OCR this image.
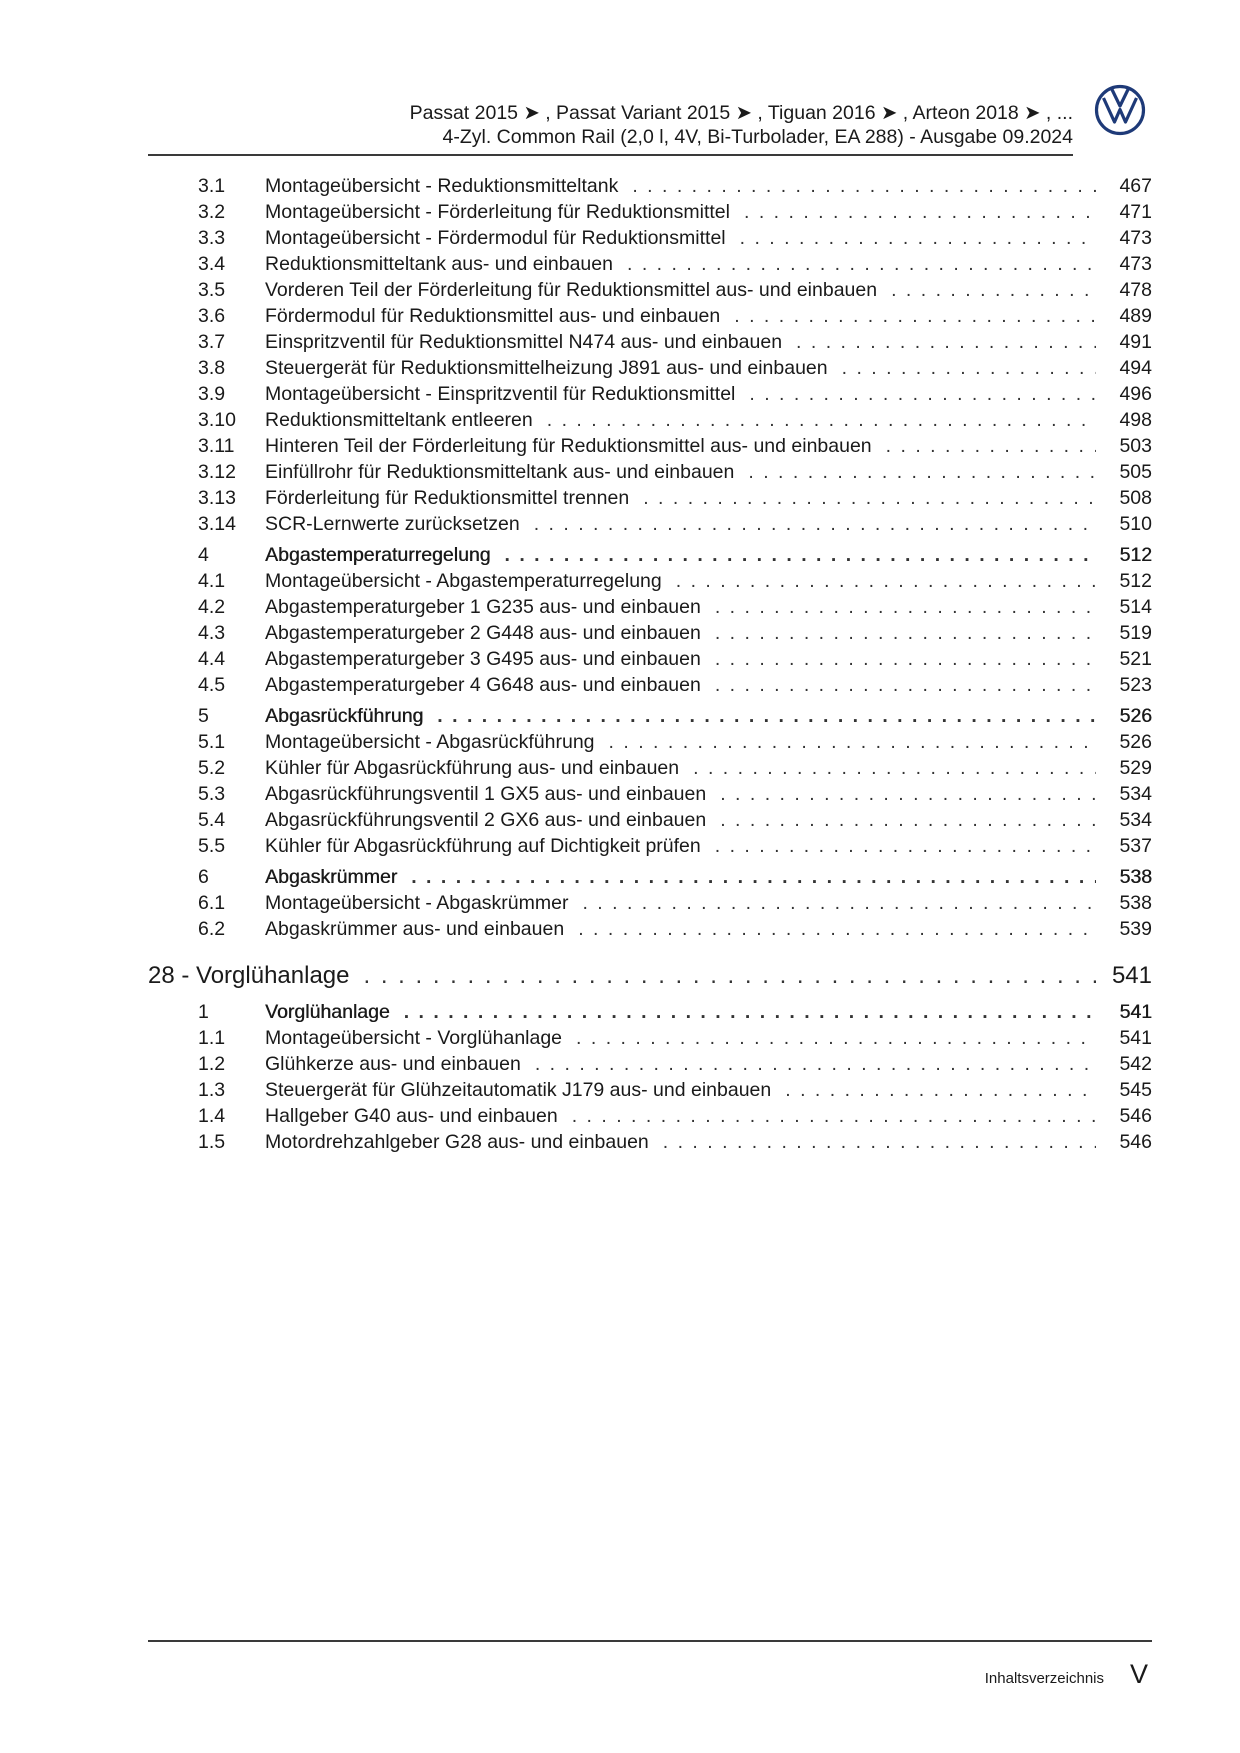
Passat 2015 ➤ , Passat Variant 2015 ➤ , Tiguan 2016 ➤ , Arteon 2018 ➤ , ...
4-Zyl. Common Rail (2,0 l, 4V, Bi-Turbolader, EA 288) - Ausgabe 09.2024
3.1 Montageübersicht - Reduktionsmitteltank . . .	467
3.2 Montageübersicht - Förderleitung für Reduktionsmittel . . .	471
3.3 Montageübersicht - Fördermodul für Reduktionsmittel . . .	473
3.4 Reduktionsmitteltank aus- und einbauen . . .	473
3.5 Vorderen Teil der Förderleitung für Reduktionsmittel aus- und einbauen . . .	478
3.6 Fördermodul für Reduktionsmittel aus- und einbauen . . .	489
3.7 Einspritzventil für Reduktionsmittel N474 aus- und einbauen . . .	491
3.8 Steuergerät für Reduktionsmittelheizung J891 aus- und einbauen . . .	494
3.9 Montageübersicht - Einspritzventil für Reduktionsmittel . . .	496
3.10 Reduktionsmitteltank entleeren . . .	498
3.11 Hinteren Teil der Förderleitung für Reduktionsmittel aus- und einbauen . . .	503
3.12 Einfüllrohr für Reduktionsmitteltank aus- und einbauen . . .	505
3.13 Förderleitung für Reduktionsmittel trennen . . .	508
3.14 SCR-Lernwerte zurücksetzen . . .	510
4	Abgastemperaturregelung . . .	512
4.1 Montageübersicht - Abgastemperaturregelung . . .	512
4.2 Abgastemperaturgeber 1 G235 aus- und einbauen . . .	514
4.3 Abgastemperaturgeber 2 G448 aus- und einbauen . . .	519
4.4 Abgastemperaturgeber 3 G495 aus- und einbauen . . .	521
4.5 Abgastemperaturgeber 4 G648 aus- und einbauen . . .	523
5	Abgasrückführung . . .	526
5.1 Montageübersicht - Abgasrückführung . . .	526
5.2 Kühler für Abgasrückführung aus- und einbauen . . .	529
5.3 Abgasrückführungsventil 1 GX5 aus- und einbauen . . .	534
5.4 Abgasrückführungsventil 2 GX6 aus- und einbauen . . .	534
5.5 Kühler für Abgasrückführung auf Dichtigkeit prüfen . . .	537
6	Abgaskrümmer . . .	538
6.1 Montageübersicht - Abgaskrümmer . . .	538
6.2 Abgaskrümmer aus- und einbauen . . .	539
28 - Vorglühanlage . . .	541
1	Vorglühanlage . . .	541
1.1 Montageübersicht - Vorglühanlage . . .	541
1.2 Glühkerze aus- und einbauen . . .	542
1.3 Steuergerät für Glühzeitautomatik J179 aus- und einbauen . . .	545
1.4 Hallgeber G40 aus- und einbauen . . .	546
1.5 Motordrehzahlgeber G28 aus- und einbauen . . .	546
Inhaltsverzeichnis V
